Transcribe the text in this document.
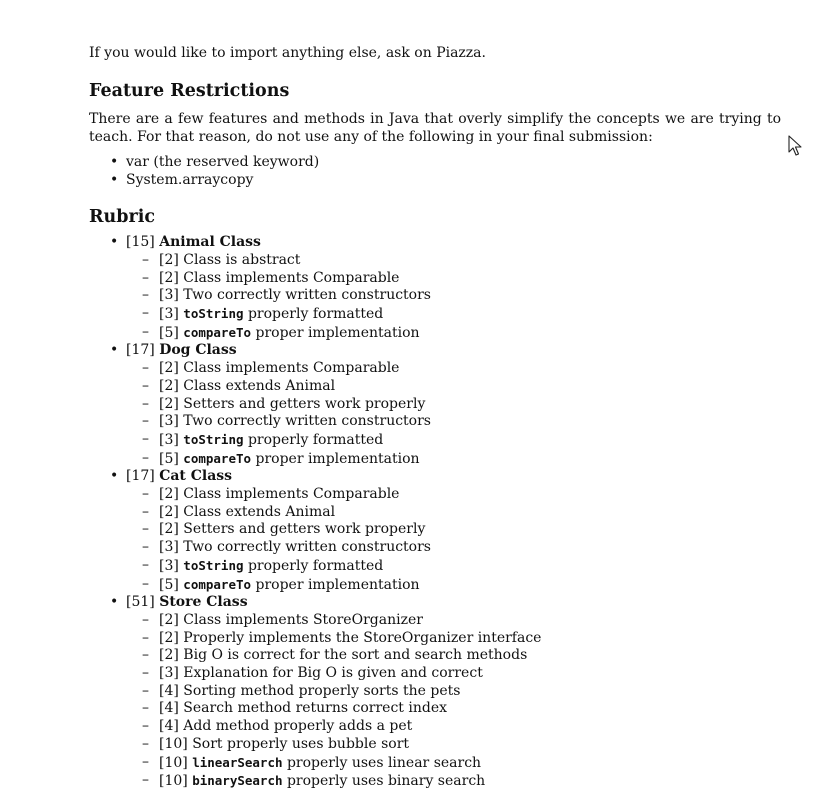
If you would like to import anything else, ask on Piazza.

Feature Restrictions

There are a few features and methods in Java that overly simplify the concepts we are trying to teach. For that reason, do not use any of the following in your final submission:

• var (the reserved keyword)
• System.arraycopy
Rubric
• [15] Animal Class
– [2] Class is abstract
– [2] Class implements Comparable
– [3] Two correctly written constructors
– [3] toString properly formatted
– [5] compareTo proper implementation
• [17] Dog Class
– [2] Class implements Comparable
– [2] Class extends Animal
– [2] Setters and getters work properly
– [3] Two correctly written constructors
– [3] toString properly formatted
– [5] compareTo proper implementation
• [17] Cat Class
– [2] Class implements Comparable
– [2] Class extends Animal
– [2] Setters and getters work properly
– [3] Two correctly written constructors
– [3] toString properly formatted
– [5] compareTo proper implementation
• [51] Store Class
– [2] Class implements StoreOrganizer
– [2] Properly implements the StoreOrganizer interface
– [2] Big O is correct for the sort and search methods
– [3] Explanation for Big O is given and correct
– [4] Sorting method properly sorts the pets
– [4] Search method returns correct index
– [4] Add method properly adds a pet
– [10] Sort properly uses bubble sort
– [10] linearSearch properly uses linear search
– [10] binarySearch properly uses binary search
